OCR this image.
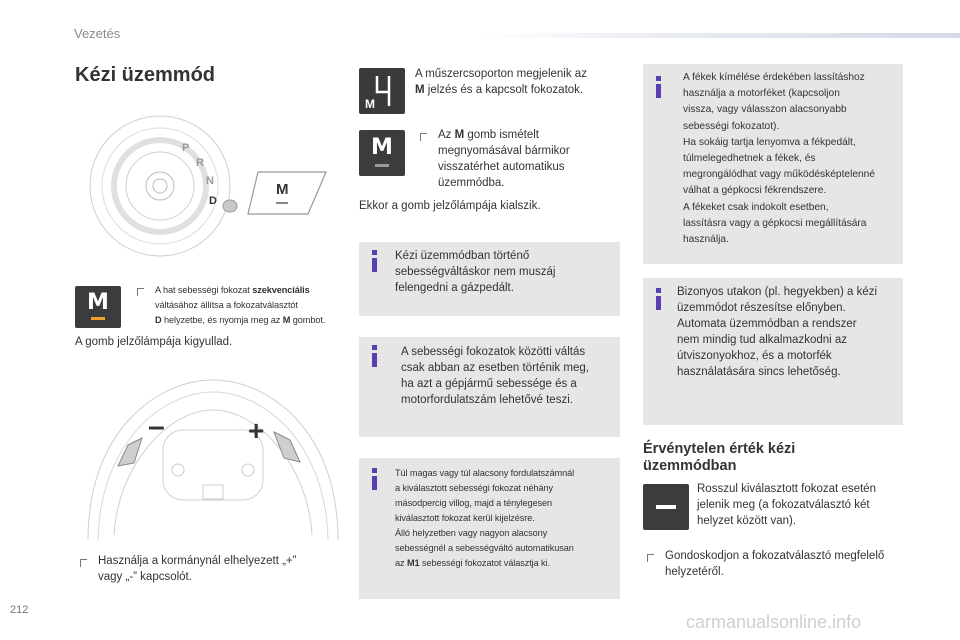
Vezetés
Kézi üzemmód
P
R
N
D
M
M	A hat sebességi fokozat szekvenciális
váltásához állítsa a fokozatválasztót
D helyzetbe, és nyomja meg az M gombot.
A gomb jelzőlámpája kigyullad.
–	+
Használja a kormánynál elhelyezett „+”
vagy „-” kapcsolót.
M
A műszercsoporton megjelenik az
M jelzés és a kapcsolt fokozatok.
M	Az M gomb ismételt
megnyomásával bármikor
visszatérhet automatikus
üzemmódba.
Ekkor a gomb jelzőlámpája kialszik.
Kézi üzemmódban történő
sebességváltáskor nem muszáj
felengedni a gázpedált.
A sebességi fokozatok közötti váltás
csak abban az esetben történik meg,
ha azt a gépjármű sebessége és a
motorfordulatszám lehetővé teszi.
Túl magas vagy túl alacsony fordulatszámnál
a kiválasztott sebességi fokozat néhány
másodpercig villog, majd a ténylegesen
kiválasztott fokozat kerül kijelzésre.
Álló helyzetben vagy nagyon alacsony
sebességnél a sebességváltó automatikusan
az M1 sebességi fokozatot választja ki.
A fékek kímélése érdekében lassításhoz
használja a motorféket (kapcsoljon
vissza, vagy válasszon alacsonyabb
sebességi fokozatot).
Ha sokáig tartja lenyomva a fékpedált,
túlmelegedhetnek a fékek, és
megrongálódhat vagy működésképtelenné
válhat a gépkocsi fékrendszere.
A fékeket csak indokolt esetben,
lassításra vagy a gépkocsi megállítására
használja.
Bizonyos utakon (pl. hegyekben) a kézi
üzemmódot részesítse előnyben.
Automata üzemmódban a rendszer
nem mindig tud alkalmazkodni az
útviszonyokhoz, és a motorfék
használatására sincs lehetőség.
Érvénytelen érték kézi
üzemmódban
Rosszul kiválasztott fokozat esetén
jelenik meg (a fokozatválasztó két
helyzet között van).
Gondoskodjon a fokozatválasztó megfelelő
helyzetéről.
212
carmanualsonline.info
